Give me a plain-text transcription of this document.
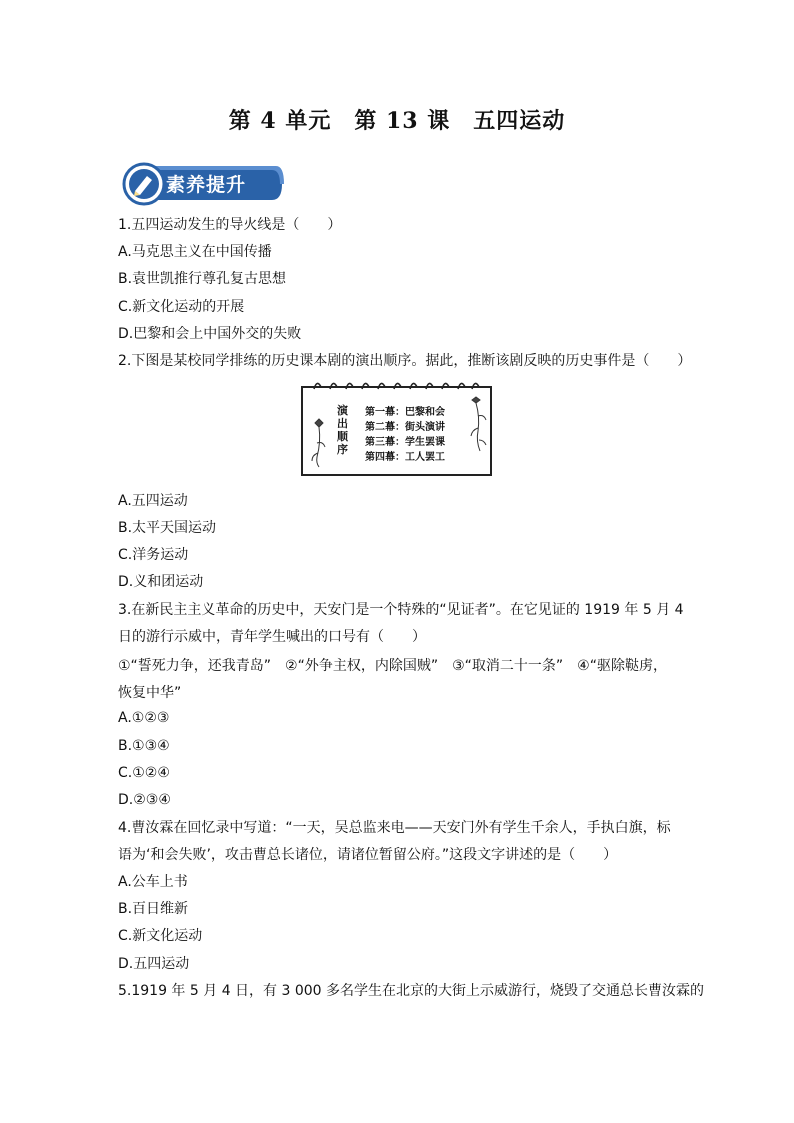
第 4 单元　第 13 课　五四运动
素养提升
1.五四运动发生的导火线是（　　）
A.马克思主义在中国传播
B.袁世凯推行尊孔复古思想
C.新文化运动的开展
D.巴黎和会上中国外交的失败
2.下图是某校同学排练的历史课本剧的演出顺序。据此，推断该剧反映的历史事件是（　　）
演出顺序
第一幕：巴黎和会
第二幕：街头演讲
第三幕：学生罢课
第四幕：工人罢工
A.五四运动
B.太平天国运动
C.洋务运动
D.义和团运动
3.在新民主主义革命的历史中，天安门是一个特殊的“见证者”。在它见证的 1919 年 5 月 4
日的游行示威中，青年学生喊出的口号有（　　）
①“誓死力争，还我青岛”　②“外争主权，内除国贼”　③“取消二十一条”　④“驱除鞑虏，
恢复中华”
A.①②③
B.①③④
C.①②④
D.②③④
4.曹汝霖在回忆录中写道：“一天，吴总监来电——天安门外有学生千余人，手执白旗，标
语为‘和会失败’，攻击曹总长诸位，请诸位暂留公府。”这段文字讲述的是（　　）
A.公车上书
B.百日维新
C.新文化运动
D.五四运动
5.1919 年 5 月 4 日，有 3 000 多名学生在北京的大街上示威游行，烧毁了交通总长曹汝霖的
